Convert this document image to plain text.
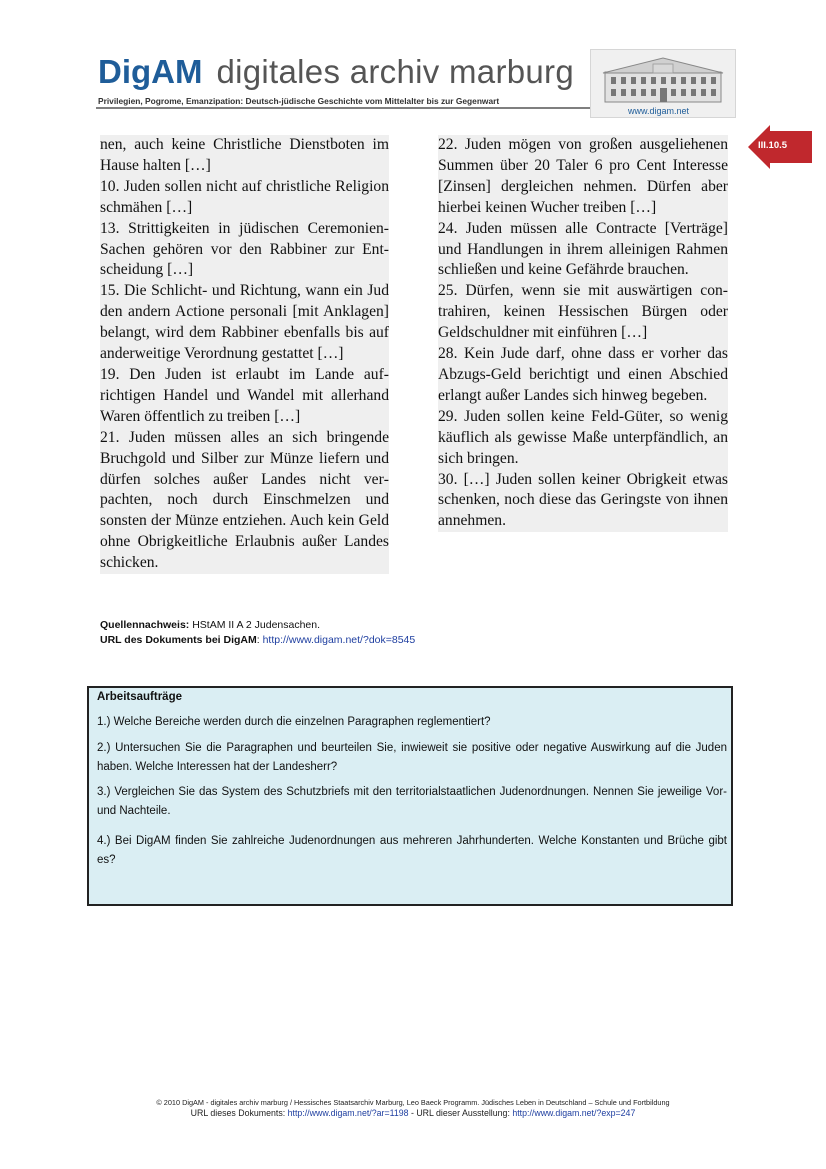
DigAM digitales archiv marburg
Privilegien, Pogrome, Emanzipation: Deutsch-jüdische Geschichte vom Mittelalter bis zur Gegenwart
www.digam.net
III.10.5

nen, auch keine Christliche Dienstboten im Hause halten […]

10. Juden sollen nicht auf christliche Religion schmähen […]

13. Strittigkeiten in jüdischen CeremonienSachen gehören vor den Rabbiner zur Entscheidung […]

15. Die Schlicht- und Richtung, wann ein Jud den andern Actione personali [mit Anklagen] belangt, wird dem Rabbiner ebenfalls bis auf anderweitige Verordnung gestattet […]

19. Den Juden ist erlaubt im Lande aufrichtigen Handel und Wandel mit allerhand Waren öffentlich zu treiben […]

21. Juden müssen alles an sich bringende Bruchgold und Silber zur Münze liefern und dürfen solches außer Landes nicht verpachten, noch durch Einschmelzen und sonsten der Münze entziehen. Auch kein Geld ohne Obrigkeitliche Erlaubnis außer Landes schicken.

22. Juden mögen von großen ausgeliehenen Summen über 20 Taler 6 pro Cent Interesse [Zinsen] dergleichen nehmen. Dürfen aber hierbei keinen Wucher treiben […]

24. Juden müssen alle Contracte [Verträge] und Handlungen in ihrem alleinigen Rahmen schließen und keine Gefährde brauchen.

25. Dürfen, wenn sie mit auswärtigen contrahiren, keinen Hessischen Bürgen oder Geldschuldner mit einführen […]

28. Kein Jude darf, ohne dass er vorher das Abzugs-Geld berichtigt und einen Abschied erlangt außer Landes sich hinweg begeben.

29. Juden sollen keine Feld-Güter, so wenig käuflich als gewisse Maße unterpfändlich, an sich bringen.

30. […] Juden sollen keiner Obrigkeit etwas schenken, noch diese das Geringste von ihnen annehmen.

Quellennachweis: HStAM II A 2 Judensachen.
URL des Dokuments bei DigAM: http://www.digam.net/?dok=8545
Arbeitsaufträge
1.) Welche Bereiche werden durch die einzelnen Paragraphen reglementiert?
2.) Untersuchen Sie die Paragraphen und beurteilen Sie, inwieweit sie positive oder negative Auswirkung auf die Juden haben. Welche Interessen hat der Landesherr?
3.) Vergleichen Sie das System des Schutzbriefs mit den territorialstaatlichen Judenordnungen. Nennen Sie jeweilige Vor- und Nachteile.
4.) Bei DigAM finden Sie zahlreiche Judenordnungen aus mehreren Jahrhunderten. Welche Konstanten und Brüche gibt es?
© 2010 DigAM - digitales archiv marburg / Hessisches Staatsarchiv Marburg, Leo Baeck Programm. Jüdisches Leben in Deutschland – Schule und Fortbildung
URL dieses Dokuments: http://www.digam.net/?ar=1198 - URL dieser Ausstellung: http://www.digam.net/?exp=247
